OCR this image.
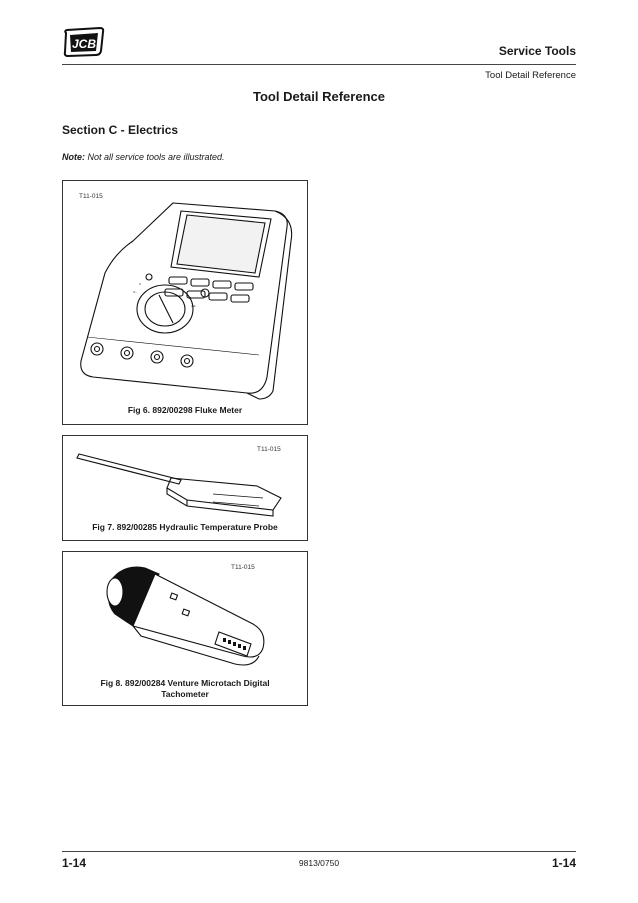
JCB	Service Tools
Tool Detail Reference
Tool Detail Reference
Section C - Electrics
Note: Not all service tools are illustrated.
T11-015
V~
V
Ω
mA
Fig 6. 892/00298 Fluke Meter
T11-015
Fig 7. 892/00285 Hydraulic Temperature Probe
T11-015
Fig 8. 892/00284 Venture Microtach Digital
Tachometer
1-14	9813/0750	1-14
